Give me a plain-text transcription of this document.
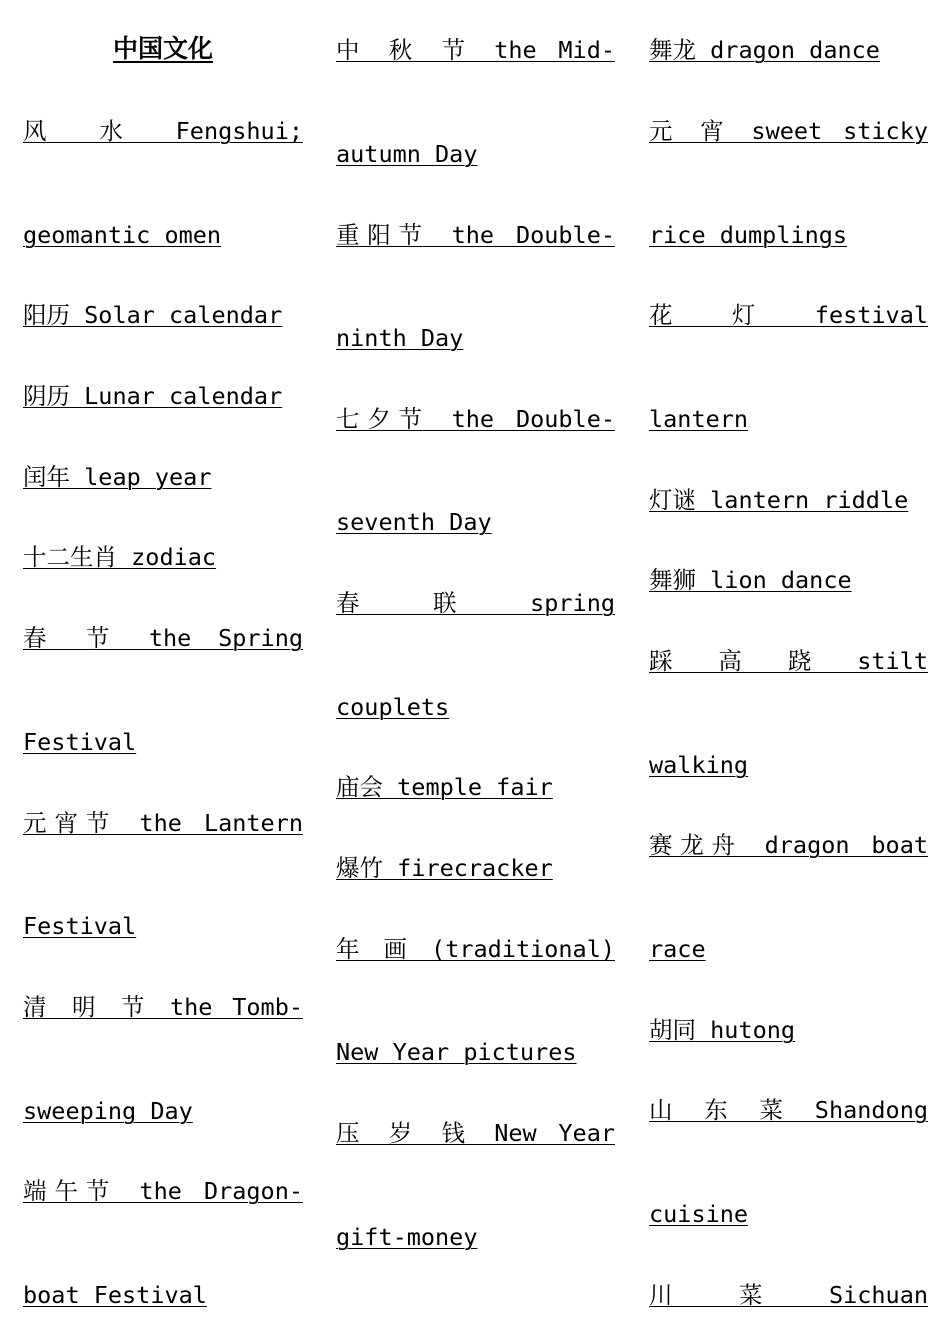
中国文化
风 水 Fengshui;
geomantic omen
阳历 Solar calendar
阴历 Lunar calendar
闰年 leap year
十二生肖 zodiac
春 节 the Spring
Festival
元宵节 the Lantern
Festival
清 明 节 the Tomb-
sweeping Day
端午节 the Dragon-
boat Festival
中 秋 节 the Mid-
autumn Day
重阳节 the Double-
ninth Day
七夕节 the Double-
seventh Day
春 联 spring
couplets
庙会 temple fair
爆竹 firecracker
年 画 (traditional)
New Year pictures
压 岁 钱 New Year
gift-money
舞龙 dragon dance
元 宵 sweet sticky
rice dumplings
花 灯 festival
lantern
灯谜 lantern riddle
舞狮 lion dance
踩 高 跷 stilt
walking
赛龙舟 dragon boat
race
胡同 hutong
山 东 菜 Shandong
cuisine
川 菜 Sichuan
